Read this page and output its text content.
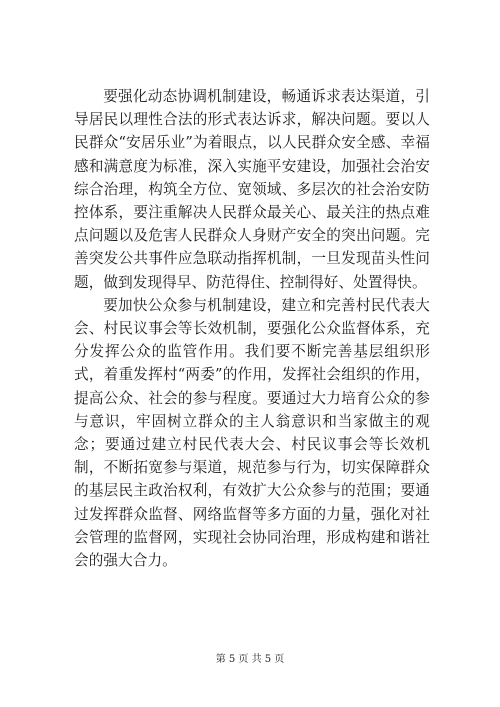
要强化动态协调机制建设，畅通诉求表达渠道，引导居民以理性合法的形式表达诉求，解决问题。要以人民群众“安居乐业”为着眼点，以人民群众安全感、幸福感和满意度为标准，深入实施平安建设，加强社会治安综合治理，构筑全方位、宽领域、多层次的社会治安防控体系，要注重解决人民群众最关心、最关注的热点难点问题以及危害人民群众人身财产安全的突出问题。完善突发公共事件应急联动指挥机制，一旦发现苗头性问题，做到发现得早、防范得住、控制得好、处置得快。

要加快公众参与机制建设，建立和完善村民代表大会、村民议事会等长效机制，要强化公众监督体系，充分发挥公众的监管作用。我们要不断完善基层组织形式，着重发挥村“两委”的作用，发挥社会组织的作用，提高公众、社会的参与程度。要通过大力培育公众的参与意识，牢固树立群众的主人翁意识和当家做主的观念；要通过建立村民代表大会、村民议事会等长效机制，不断拓宽参与渠道，规范参与行为，切实保障群众的基层民主政治权利，有效扩大公众参与的范围；要通过发挥群众监督、网络监督等多方面的力量，强化对社会管理的监督网，实现社会协同治理，形成构建和谐社会的强大合力。

第 5 页 共 5 页
